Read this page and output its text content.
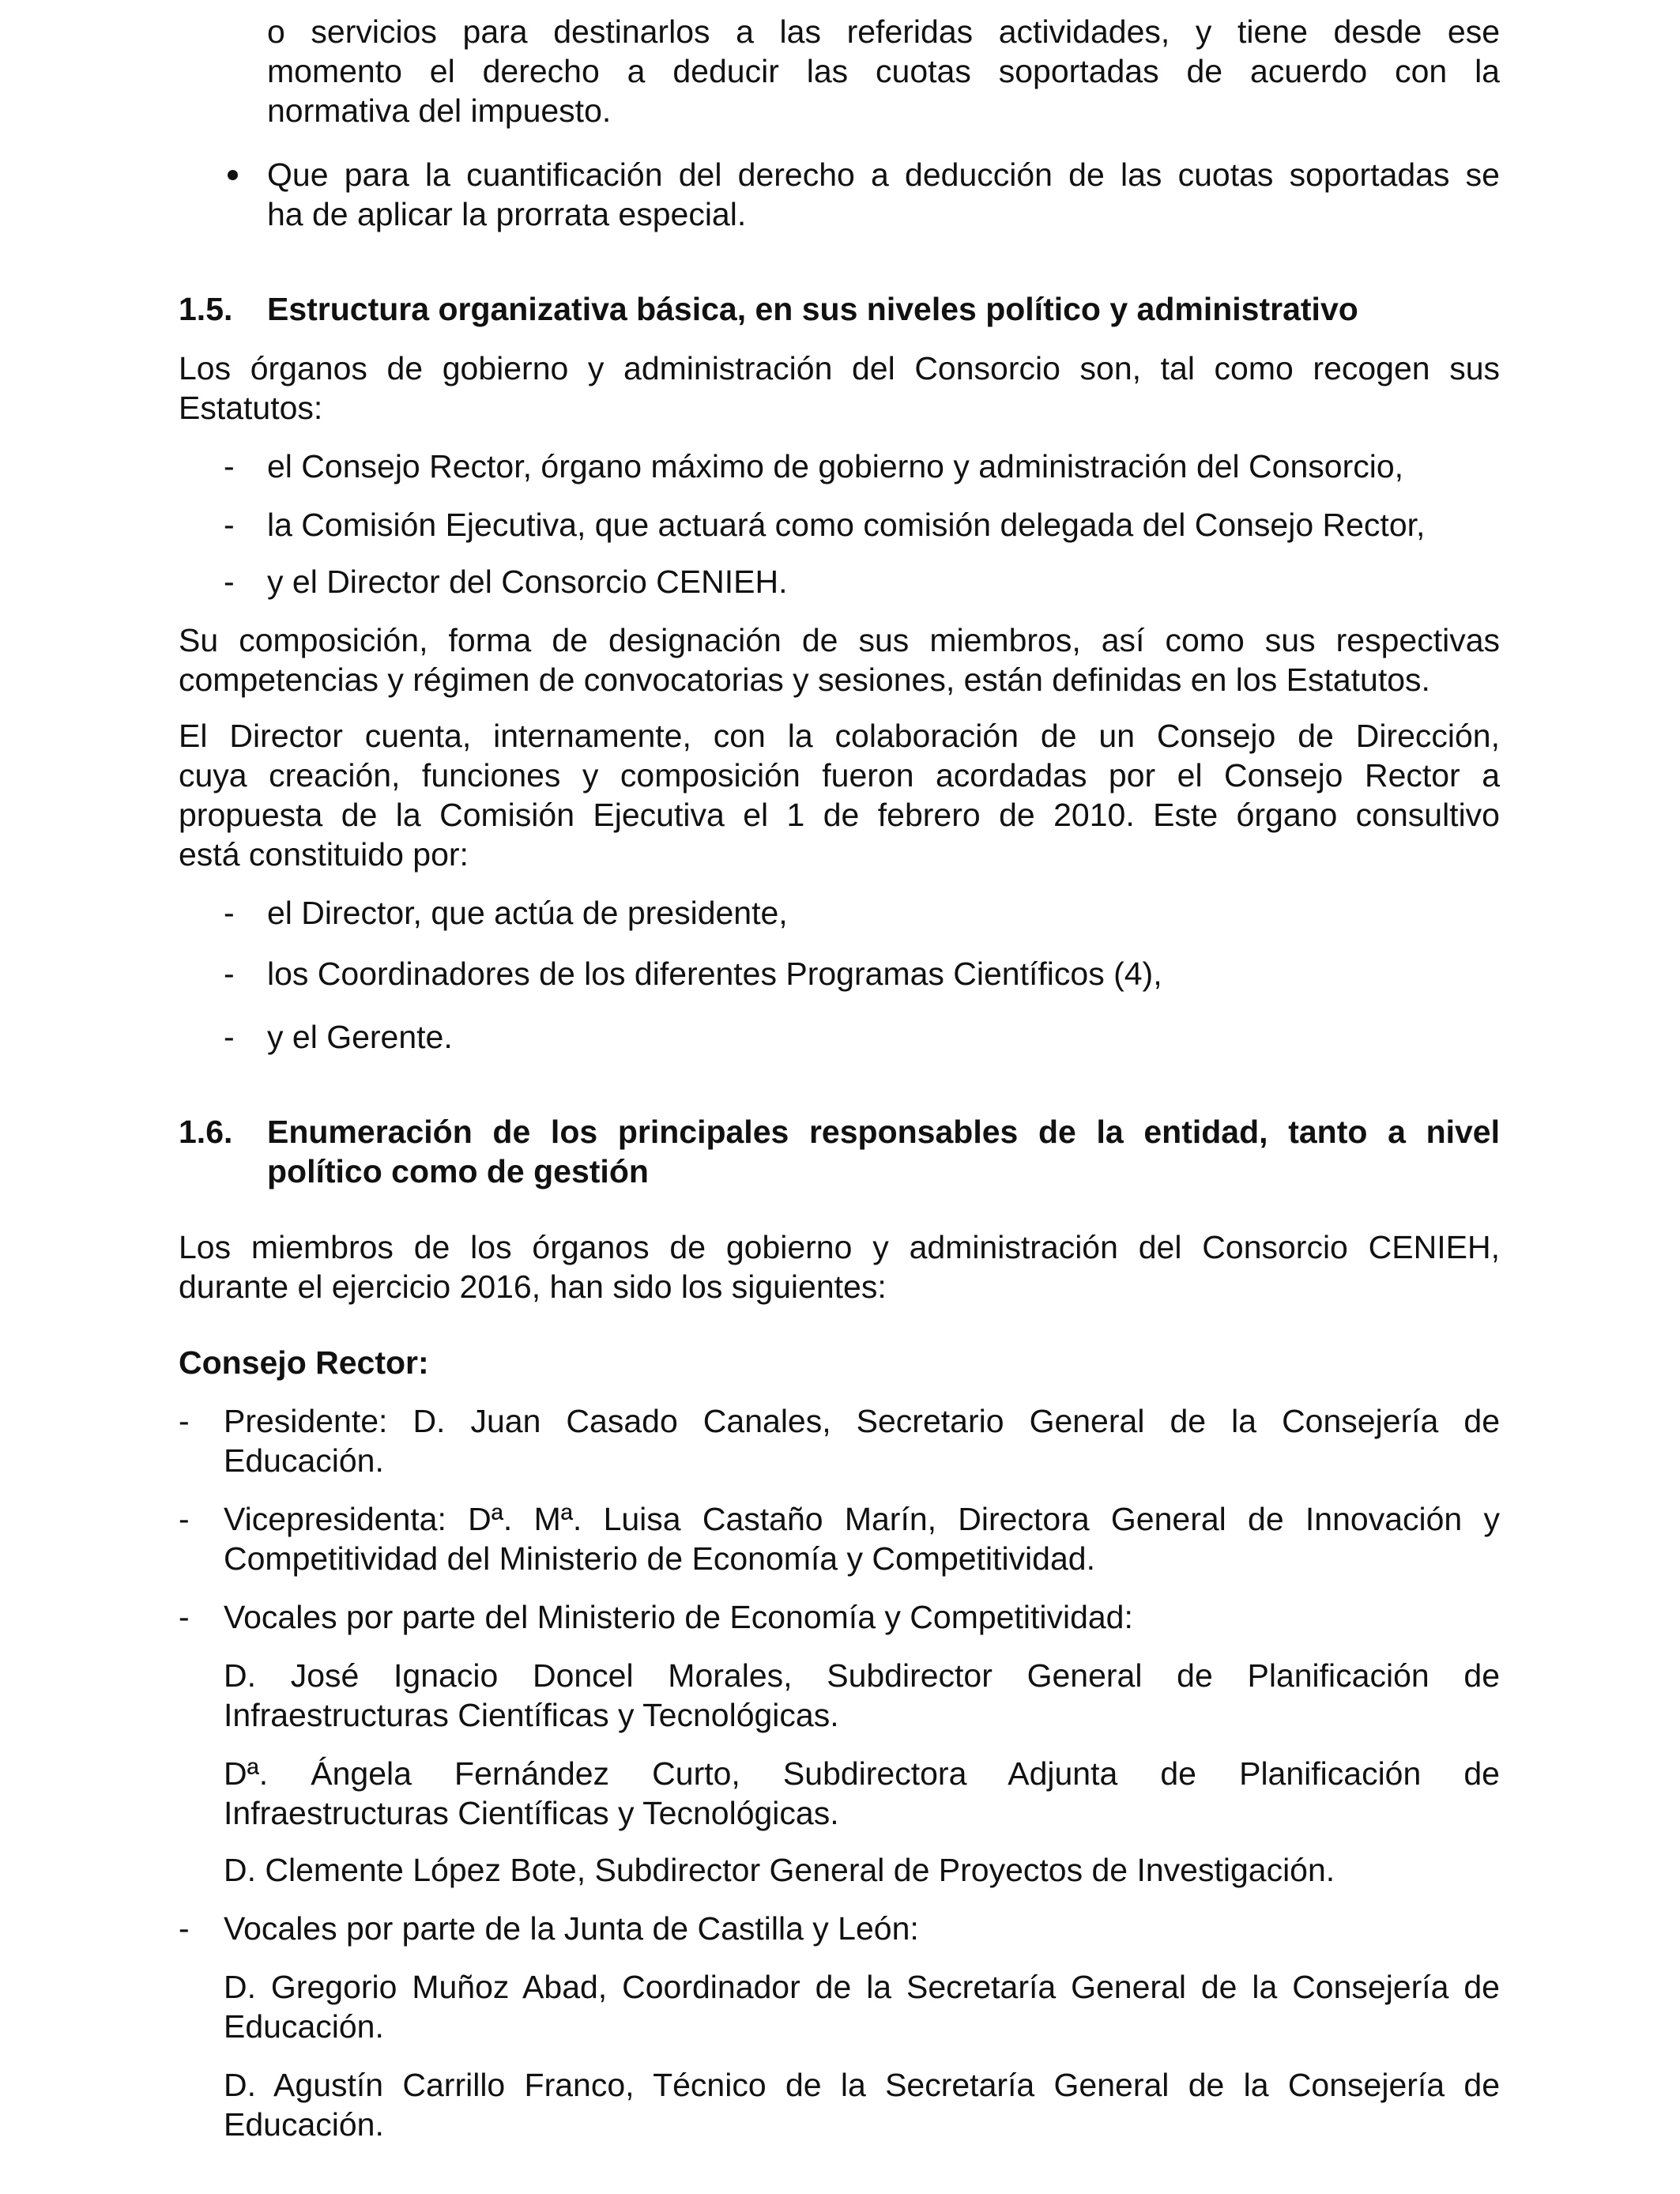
o servicios para destinarlos a las referidas actividades, y tiene desde ese
momento el derecho a deducir las cuotas soportadas de acuerdo con la
normativa del impuesto.
Que para la cuantificación del derecho a deducción de las cuotas soportadas se
ha de aplicar la prorrata especial.
1.5. Estructura organizativa básica, en sus niveles político y administrativo
Los órganos de gobierno y administración del Consorcio son, tal como recogen sus
Estatutos:
- el Consejo Rector, órgano máximo de gobierno y administración del Consorcio,
- la Comisión Ejecutiva, que actuará como comisión delegada del Consejo Rector,
- y el Director del Consorcio CENIEH.
Su composición, forma de designación de sus miembros, así como sus respectivas
competencias y régimen de convocatorias y sesiones, están definidas en los Estatutos.
El Director cuenta, internamente, con la colaboración de un Consejo de Dirección,
cuya creación, funciones y composición fueron acordadas por el Consejo Rector a
propuesta de la Comisión Ejecutiva el 1 de febrero de 2010. Este órgano consultivo
está constituido por:
- el Director, que actúa de presidente,
- los Coordinadores de los diferentes Programas Científicos (4),
- y el Gerente.
1.6. Enumeración de los principales responsables de la entidad, tanto a nivel
político como de gestión
Los miembros de los órganos de gobierno y administración del Consorcio CENIEH,
durante el ejercicio 2016, han sido los siguientes:
Consejo Rector:
- Presidente: D. Juan Casado Canales, Secretario General de la Consejería de
Educación.
- Vicepresidenta: Dª. Mª. Luisa Castaño Marín, Directora General de Innovación y
Competitividad del Ministerio de Economía y Competitividad.
- Vocales por parte del Ministerio de Economía y Competitividad:
D. José Ignacio Doncel Morales, Subdirector General de Planificación de
Infraestructuras Científicas y Tecnológicas.
Dª. Ángela Fernández Curto, Subdirectora Adjunta de Planificación de
Infraestructuras Científicas y Tecnológicas.
D. Clemente López Bote, Subdirector General de Proyectos de Investigación.
- Vocales por parte de la Junta de Castilla y León:
D. Gregorio Muñoz Abad, Coordinador de la Secretaría General de la Consejería de
Educación.
D. Agustín Carrillo Franco, Técnico de la Secretaría General de la Consejería de
Educación.
